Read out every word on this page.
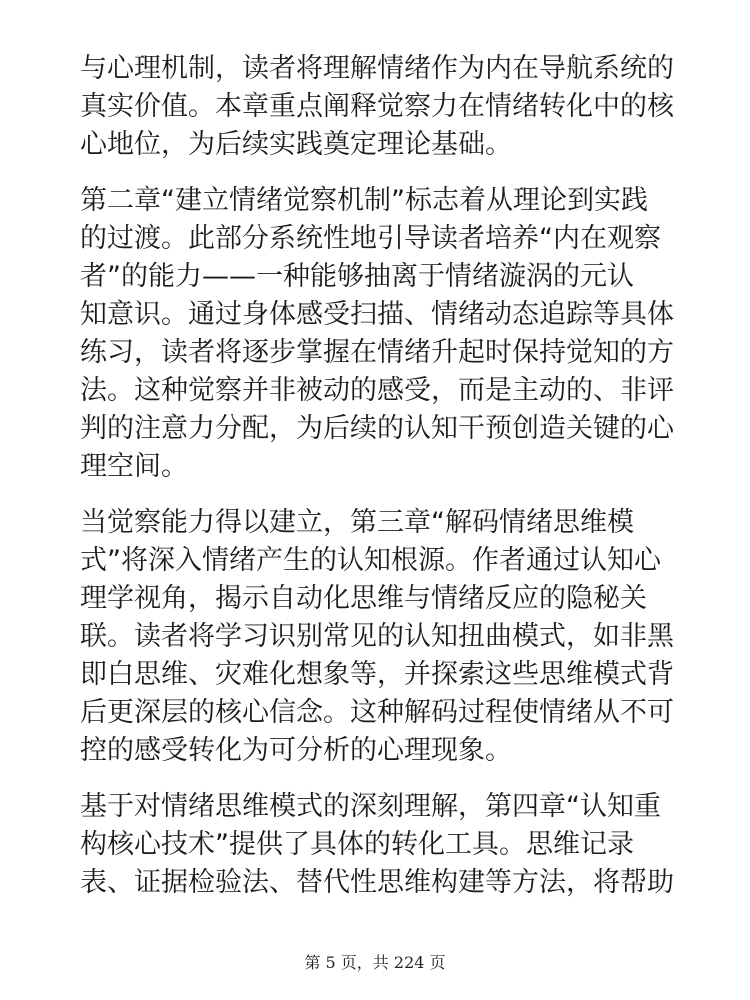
与心理机制，读者将理解情绪作为内在导航系统的
真实价值。本章重点阐释觉察力在情绪转化中的核
心地位，为后续实践奠定理论基础。
第二章“建立情绪觉察机制”标志着从理论到实践
的过渡。此部分系统性地引导读者培养“内在观察
者”的能力——一种能够抽离于情绪漩涡的元认
知意识。通过身体感受扫描、情绪动态追踪等具体
练习，读者将逐步掌握在情绪升起时保持觉知的方
法。这种觉察并非被动的感受，而是主动的、非评
判的注意力分配，为后续的认知干预创造关键的心
理空间。
当觉察能力得以建立，第三章“解码情绪思维模
式”将深入情绪产生的认知根源。作者通过认知心
理学视角，揭示自动化思维与情绪反应的隐秘关
联。读者将学习识别常见的认知扭曲模式，如非黑
即白思维、灾难化想象等，并探索这些思维模式背
后更深层的核心信念。这种解码过程使情绪从不可
控的感受转化为可分析的心理现象。
基于对情绪思维模式的深刻理解，第四章“认知重
构核心技术”提供了具体的转化工具。思维记录
表、证据检验法、替代性思维构建等方法，将帮助
第 5 页，共 224 页
